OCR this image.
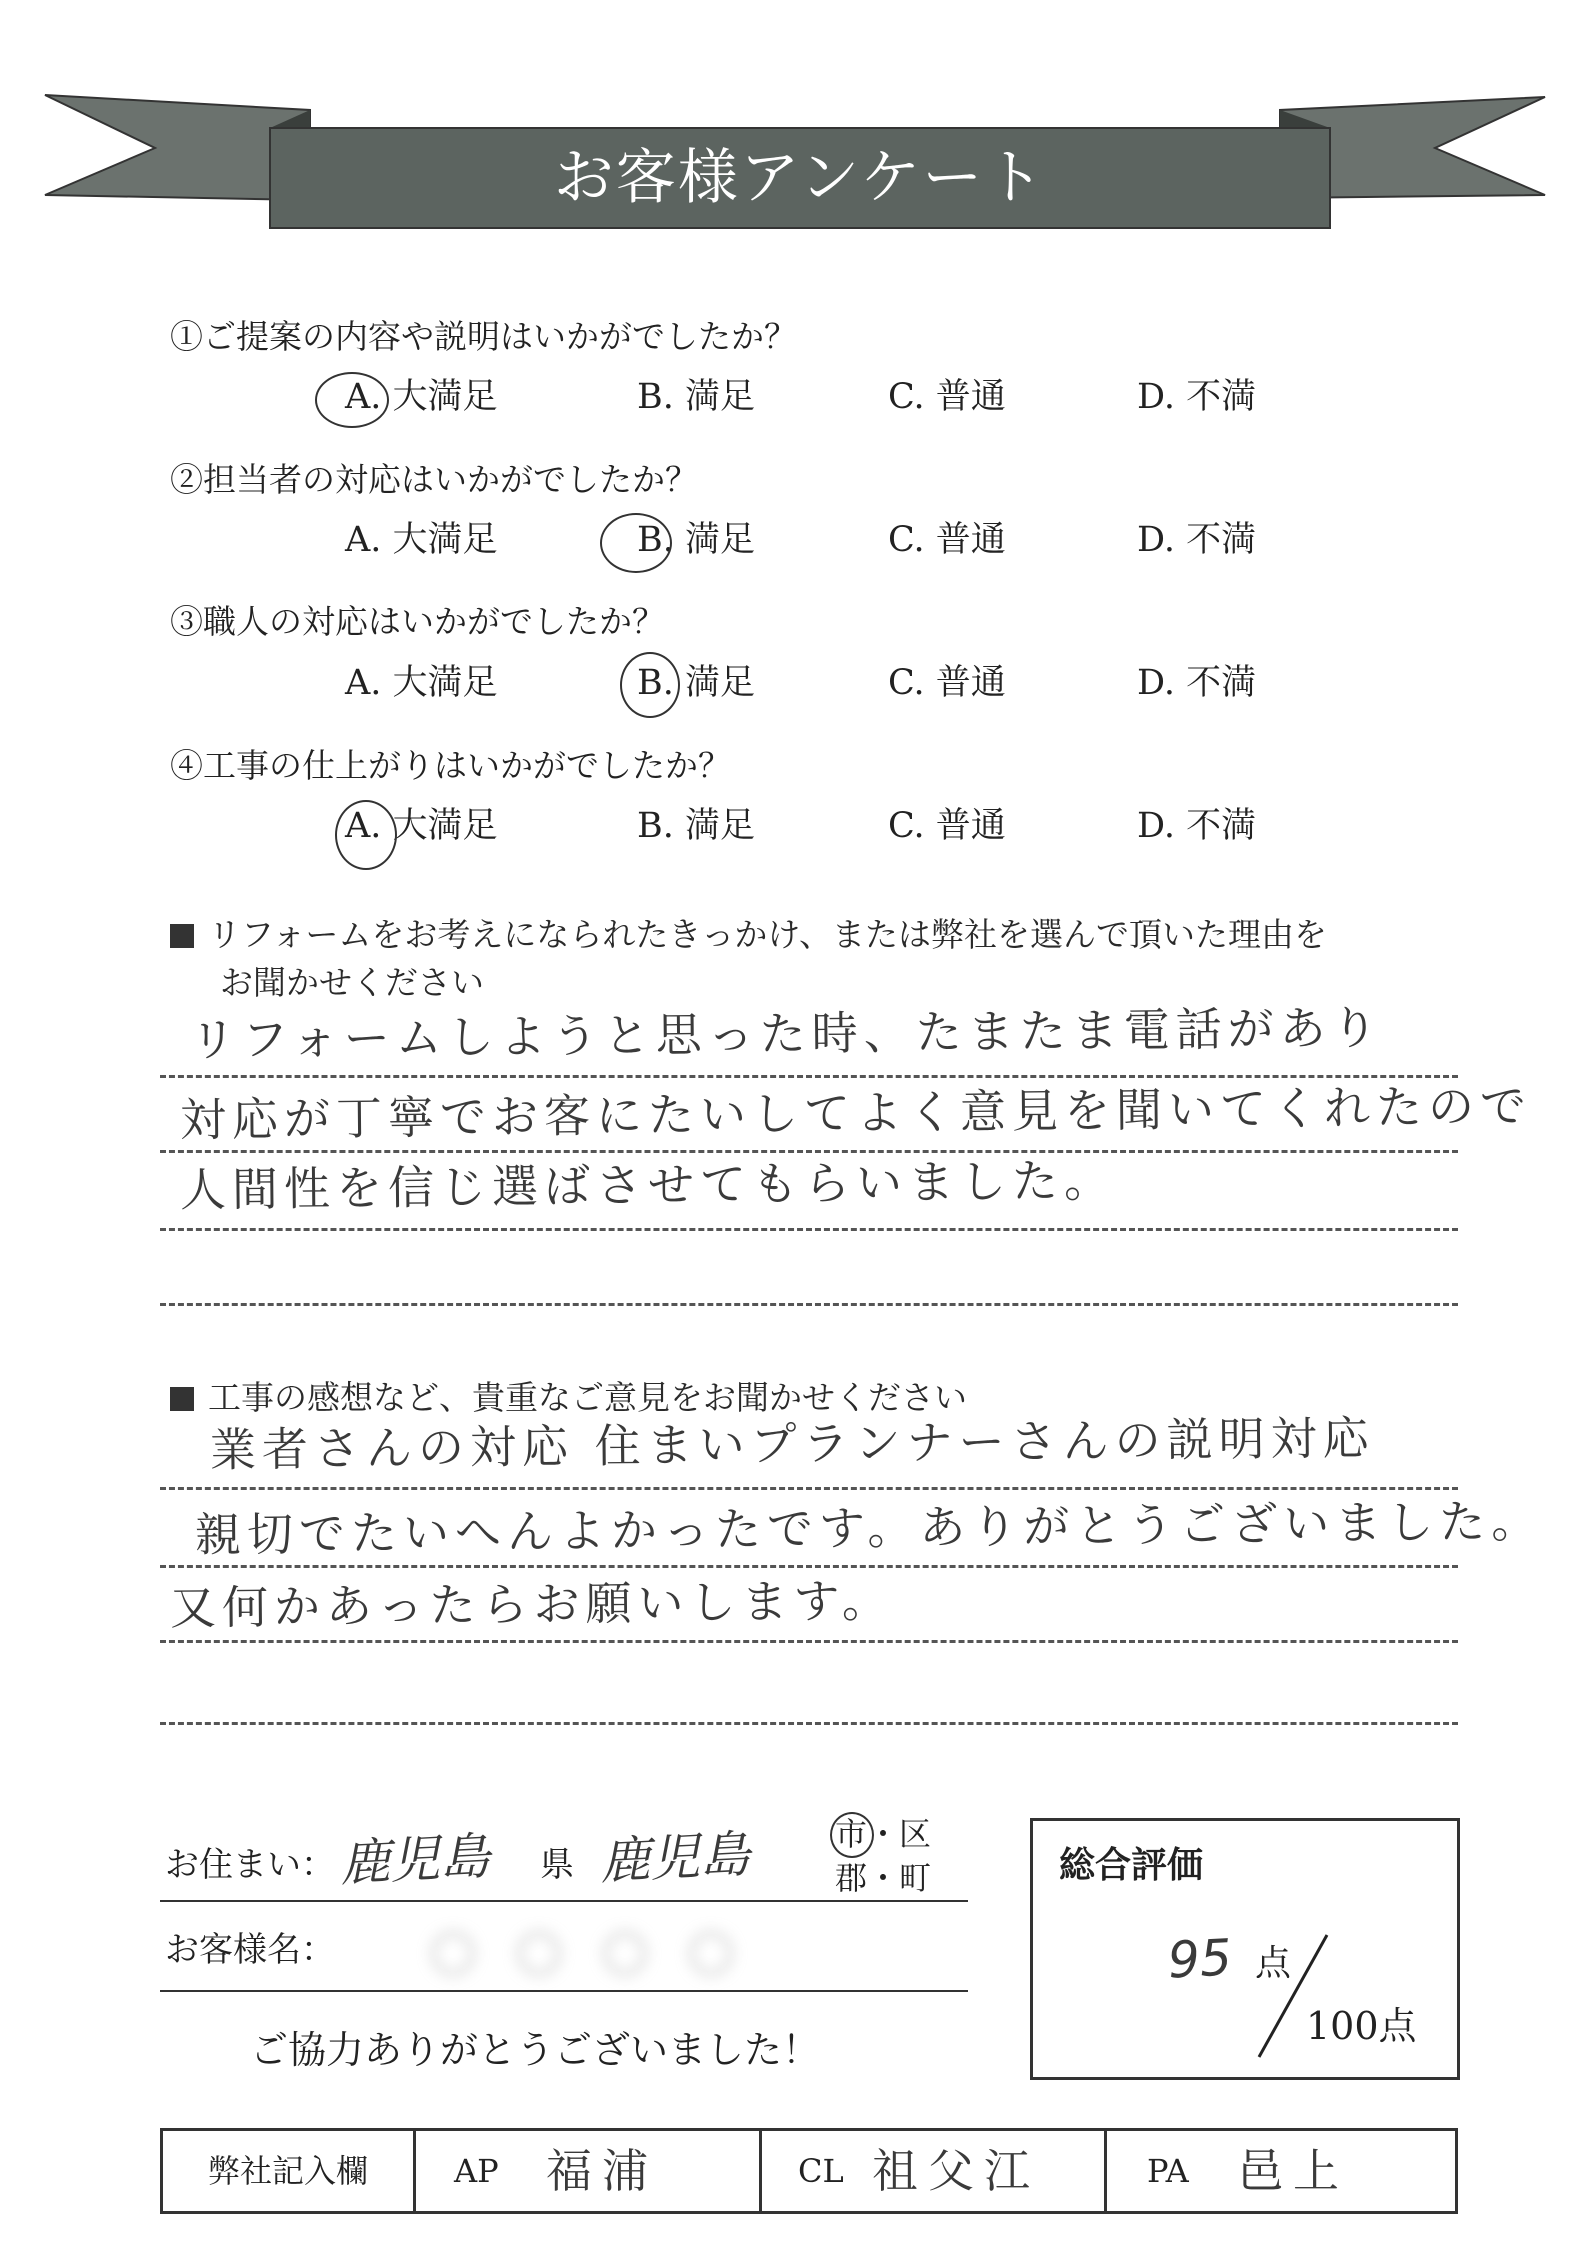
お客様アンケート
①ご提案の内容や説明はいかがでしたか？
A. 大満足	B. 満足	C. 普通	D. 不満
②担当者の対応はいかがでしたか？
A. 大満足	B. 満足	C. 普通	D. 不満
③職人の対応はいかがでしたか？
A. 大満足	B. 満足	C. 普通	D. 不満
④工事の仕上がりはいかがでしたか？
A. 大満足	B. 満足	C. 普通	D. 不満
リフォームをお考えになられたきっかけ、または弊社を選んで頂いた理由を
お聞かせください
リフォームしようと思った時、たまたま電話があり
対応が丁寧でお客にたいしてよく意見を聞いてくれたので
人間性を信じ選ばさせてもらいました。
工事の感想など、貴重なご意見をお聞かせください
業者さんの対応 住まいプランナーさんの説明対応
親切でたいへんよかったです。ありがとうございました。
又何かあったらお願いします。
お住まい： 鹿児島 県 鹿児島	市・区
郡・町
お客様名： 〇〇〇〇
ご協力ありがとうございました！
総合評価
95 点
100点
弊社記入欄	AP 福浦	CL 祖父江	PA 邑上
